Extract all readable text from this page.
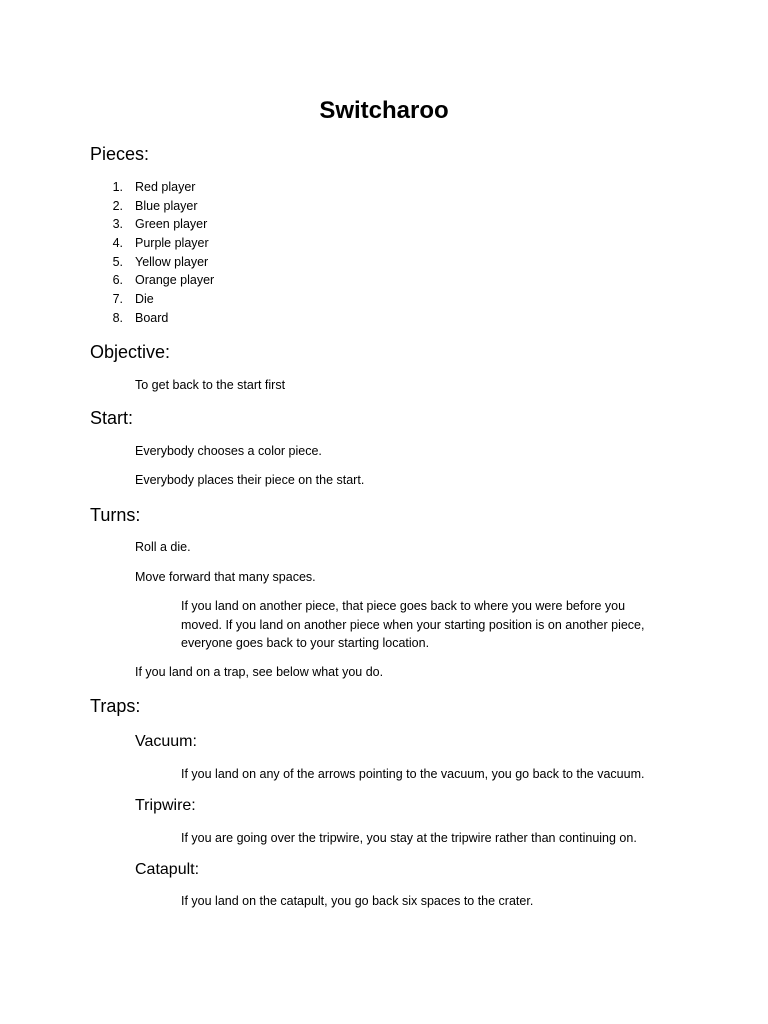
Switcharoo
Pieces:
1. Red player
2. Blue player
3. Green player
4. Purple player
5. Yellow player
6. Orange player
7. Die
8. Board
Objective:
To get back to the start first
Start:
Everybody chooses a color piece.
Everybody places their piece on the start.
Turns:
Roll a die.
Move forward that many spaces.
If you land on another piece, that piece goes back to where you were before you
moved. If you land on another piece when your starting position is on another piece,
everyone goes back to your starting location.
If you land on a trap, see below what you do.
Traps:
Vacuum:
If you land on any of the arrows pointing to the vacuum, you go back to the vacuum.
Tripwire:
If you are going over the tripwire, you stay at the tripwire rather than continuing on.
Catapult:
If you land on the catapult, you go back six spaces to the crater.
